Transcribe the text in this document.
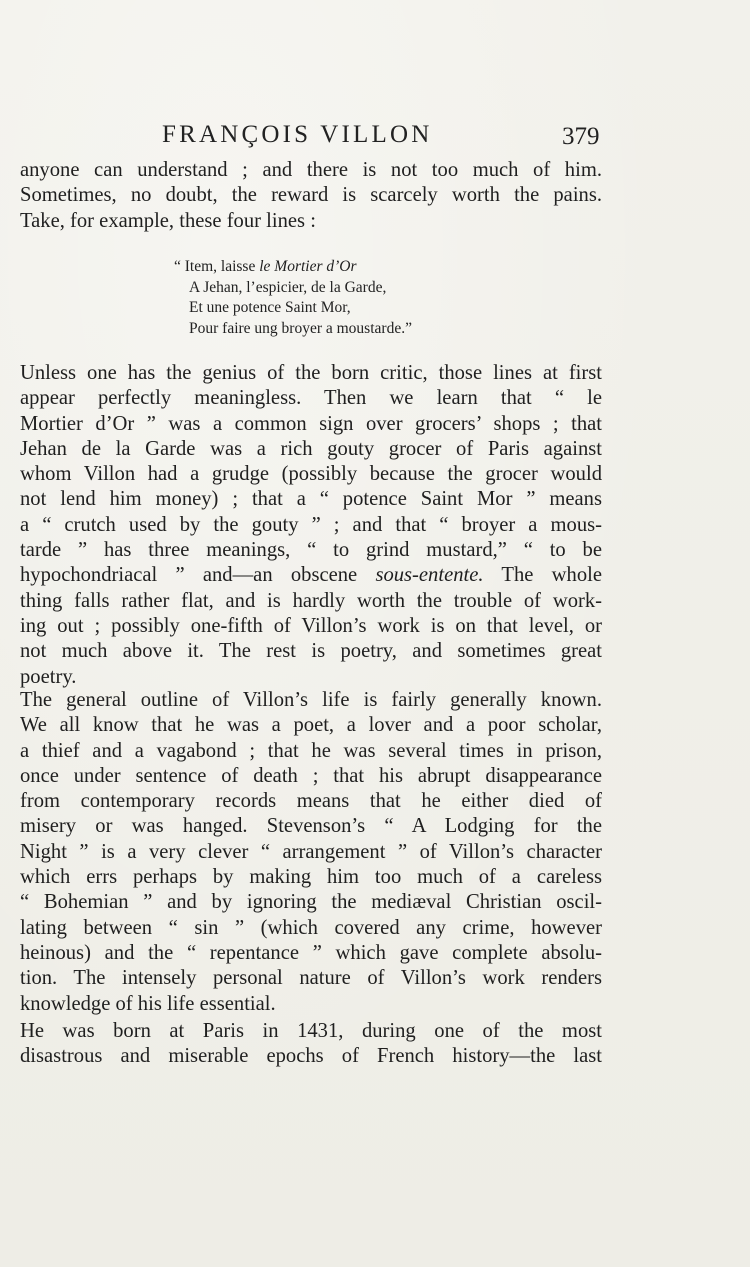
FRANÇOIS VILLON	379
anyone can understand ; and there is not too much of him.
Sometimes, no doubt, the reward is scarcely worth the pains.
Take, for example, these four lines :
“ Item, laisse le Mortier d’Or
A Jehan, l’espicier, de la Garde,
Et une potence Saint Mor,
Pour faire ung broyer a moustarde.”
Unless one has the genius of the born critic, those lines at first
appear perfectly meaningless. Then we learn that “ le
Mortier d’Or ” was a common sign over grocers’ shops ; that
Jehan de la Garde was a rich gouty grocer of Paris against
whom Villon had a grudge (possibly because the grocer would
not lend him money) ; that a “ potence Saint Mor ” means
a “ crutch used by the gouty ” ; and that “ broyer a mous-
tarde ” has three meanings, “ to grind mustard,” “ to be
hypochondriacal ” and—an obscene sous-entente. The whole
thing falls rather flat, and is hardly worth the trouble of work-
ing out ; possibly one-fifth of Villon’s work is on that level, or
not much above it. The rest is poetry, and sometimes great
poetry.
The general outline of Villon’s life is fairly generally known.
We all know that he was a poet, a lover and a poor scholar,
a thief and a vagabond ; that he was several times in prison,
once under sentence of death ; that his abrupt disappearance
from contemporary records means that he either died of
misery or was hanged. Stevenson’s “ A Lodging for the
Night ” is a very clever “ arrangement ” of Villon’s character
which errs perhaps by making him too much of a careless
“ Bohemian ” and by ignoring the mediæval Christian oscil-
lating between “ sin ” (which covered any crime, however
heinous) and the “ repentance ” which gave complete absolu-
tion. The intensely personal nature of Villon’s work renders
knowledge of his life essential.
He was born at Paris in 1431, during one of the most
disastrous and miserable epochs of French history—the last
